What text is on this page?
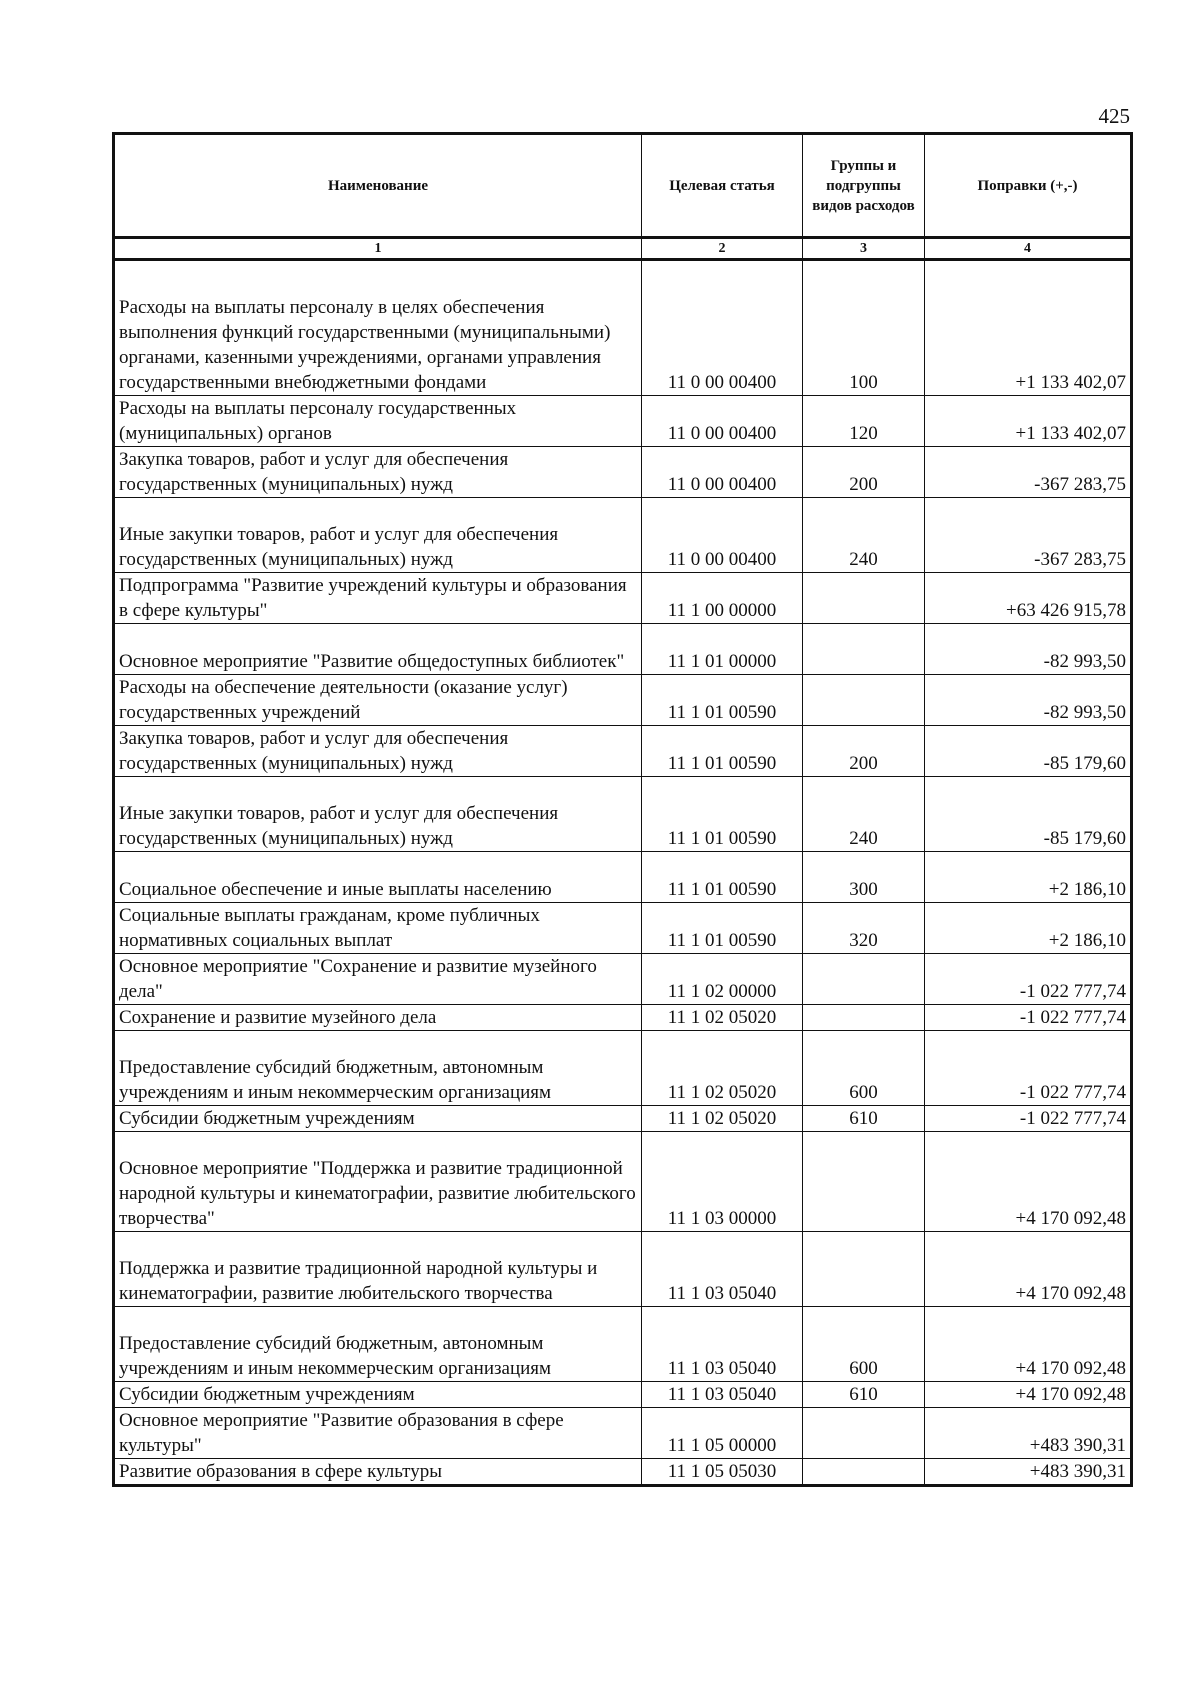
425
Наименование	Целевая статья	Группы и подгруппы видов расходов	Поправки (+,-)
1	2	3	4
Расходы на выплаты персоналу в целях обеспечения выполнения функций государственными (муниципальными) органами, казенными учреждениями, органами управления государственными внебюджетными фондами	11 0 00 00400	100	+1 133 402,07
Расходы на выплаты персоналу государственных (муниципальных) органов	11 0 00 00400	120	+1 133 402,07
Закупка товаров, работ и услуг для обеспечения государственных (муниципальных) нужд	11 0 00 00400	200	-367 283,75
Иные закупки товаров, работ и услуг для обеспечения государственных (муниципальных) нужд	11 0 00 00400	240	-367 283,75
Подпрограмма "Развитие учреждений культуры и образования в сфере культуры"	11 1 00 00000		+63 426 915,78
Основное мероприятие "Развитие общедоступных библиотек"	11 1 01 00000		-82 993,50
Расходы на обеспечение деятельности (оказание услуг) государственных учреждений	11 1 01 00590		-82 993,50
Закупка товаров, работ и услуг для обеспечения государственных (муниципальных) нужд	11 1 01 00590	200	-85 179,60
Иные закупки товаров, работ и услуг для обеспечения государственных (муниципальных) нужд	11 1 01 00590	240	-85 179,60
Социальное обеспечение и иные выплаты населению	11 1 01 00590	300	+2 186,10
Социальные выплаты гражданам, кроме публичных нормативных социальных выплат	11 1 01 00590	320	+2 186,10
Основное мероприятие "Сохранение и развитие музейного дела"	11 1 02 00000		-1 022 777,74
Сохранение и развитие музейного дела	11 1 02 05020		-1 022 777,74
Предоставление субсидий бюджетным, автономным учреждениям и иным некоммерческим организациям	11 1 02 05020	600	-1 022 777,74
Субсидии бюджетным учреждениям	11 1 02 05020	610	-1 022 777,74
Основное мероприятие "Поддержка и развитие традиционной народной культуры и кинематографии, развитие любительского творчества"	11 1 03 00000		+4 170 092,48
Поддержка и развитие традиционной народной культуры и кинематографии, развитие любительского творчества	11 1 03 05040		+4 170 092,48
Предоставление субсидий бюджетным, автономным учреждениям и иным некоммерческим организациям	11 1 03 05040	600	+4 170 092,48
Субсидии бюджетным учреждениям	11 1 03 05040	610	+4 170 092,48
Основное мероприятие "Развитие образования в сфере культуры"	11 1 05 00000		+483 390,31
Развитие образования в сфере культуры	11 1 05 05030		+483 390,31
